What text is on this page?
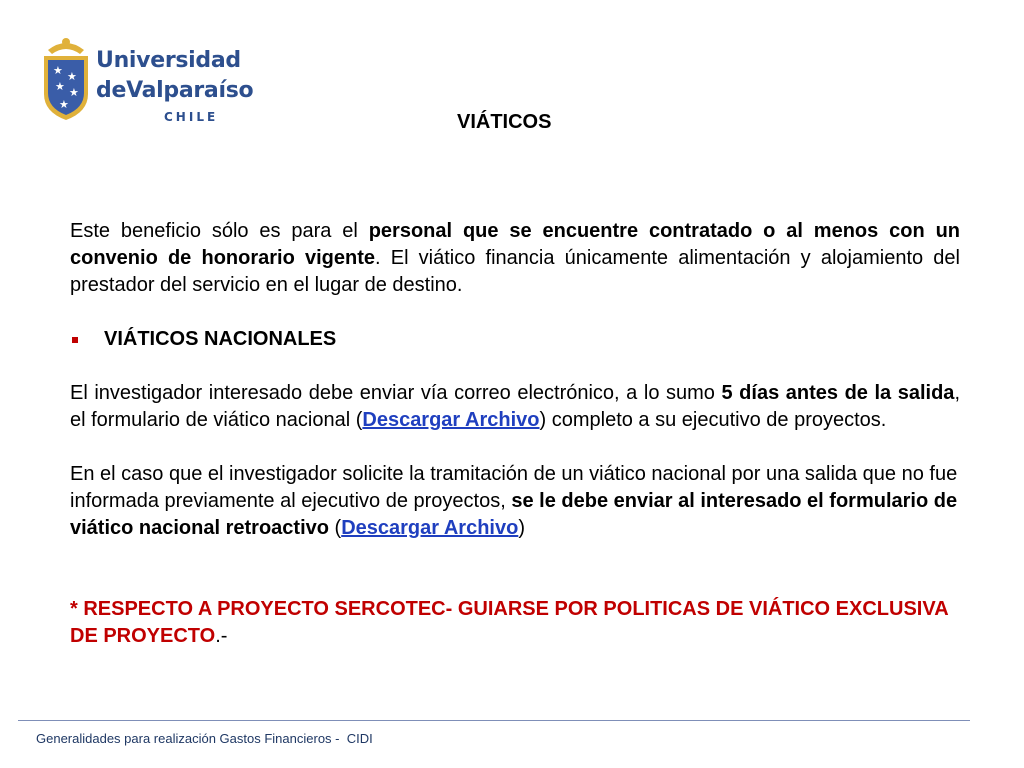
★ ★
★ ★
★
Universidad
deValparaíso
CHILE	VIÁTICOS

Este beneficio sólo es para el personal que se encuentre contratado o al menos con un convenio de honorario vigente. El viático financia únicamente alimentación y alojamiento del prestador del servicio en el lugar de destino.

VIÁTICOS NACIONALES

El investigador interesado debe enviar vía correo electrónico, a lo sumo 5 días antes de la salida, el formulario de viático nacional (Descargar Archivo) completo a su ejecutivo de proyectos.

En el caso que el investigador solicite la tramitación de un viático nacional por una salida que no fue informada previamente al ejecutivo de proyectos, se le debe enviar al interesado el formulario de viático nacional retroactivo (Descargar Archivo)

* RESPECTO A PROYECTO SERCOTEC- GUIARSE POR POLITICAS DE VIÁTICO EXCLUSIVA DE PROYECTO.-

Generalidades para realización Gastos Financieros -  CIDI
